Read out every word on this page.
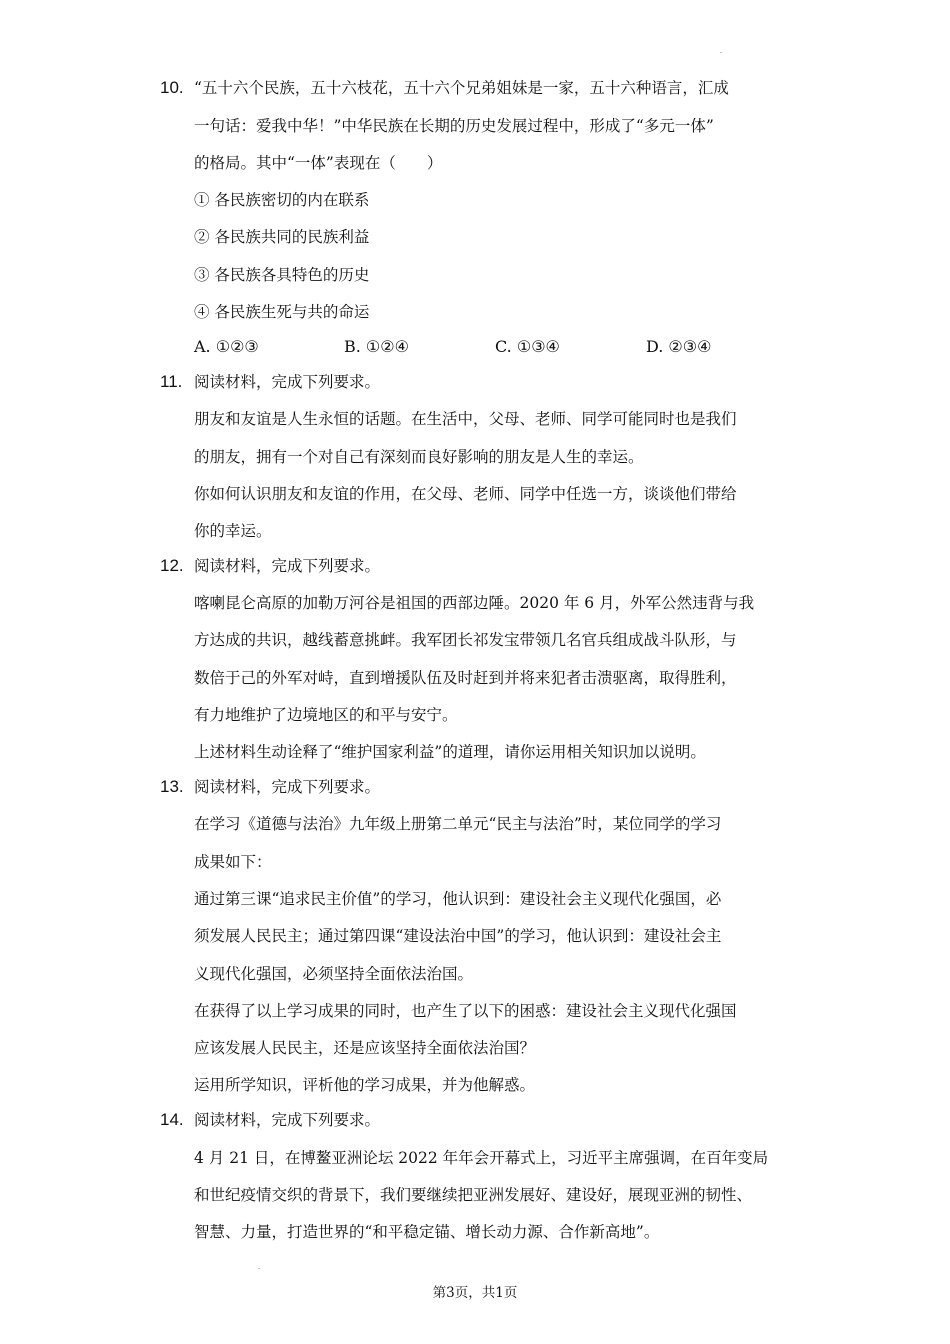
10. “五十六个民族，五十六枝花，五十六个兄弟姐妹是一家，五十六种语言，汇成
一句话：爱我中华！”中华民族在长期的历史发展过程中，形成了“多元一体”
的格局。其中“一体”表现在（　　）
① 各民族密切的内在联系
② 各民族共同的民族利益
③ 各民族各具特色的历史
④ 各民族生死与共的命运
A. ①②③	B. ①②④	C. ①③④	D. ②③④
11. 阅读材料，完成下列要求。
朋友和友谊是人生永恒的话题。在生活中，父母、老师、同学可能同时也是我们
的朋友，拥有一个对自己有深刻而良好影响的朋友是人生的幸运。
你如何认识朋友和友谊的作用，在父母、老师、同学中任选一方，谈谈他们带给
你的幸运。
12. 阅读材料，完成下列要求。
喀喇昆仑高原的加勒万河谷是祖国的西部边陲。2020 年 6 月，外军公然违背与我
方达成的共识，越线蓄意挑衅。我军团长祁发宝带领几名官兵组成战斗队形，与
数倍于己的外军对峙，直到增援队伍及时赶到并将来犯者击溃驱离，取得胜利，
有力地维护了边境地区的和平与安宁。
上述材料生动诠释了“维护国家利益”的道理，请你运用相关知识加以说明。
13. 阅读材料，完成下列要求。
在学习《道德与法治》九年级上册第二单元“民主与法治”时，某位同学的学习
成果如下：
通过第三课“追求民主价值”的学习，他认识到：建设社会主义现代化强国，必
须发展人民民主；通过第四课“建设法治中国”的学习，他认识到：建设社会主
义现代化强国，必须坚持全面依法治国。
在获得了以上学习成果的同时，也产生了以下的困惑：建设社会主义现代化强国
应该发展人民民主，还是应该坚持全面依法治国？
运用所学知识，评析他的学习成果，并为他解惑。
14. 阅读材料，完成下列要求。
4 月 21 日，在博鳌亚洲论坛 2022 年年会开幕式上，习近平主席强调，在百年变局
和世纪疫情交织的背景下，我们要继续把亚洲发展好、建设好，展现亚洲的韧性、
智慧、力量，打造世界的“和平稳定锚、增长动力源、合作新高地”。
第3页，共1页
